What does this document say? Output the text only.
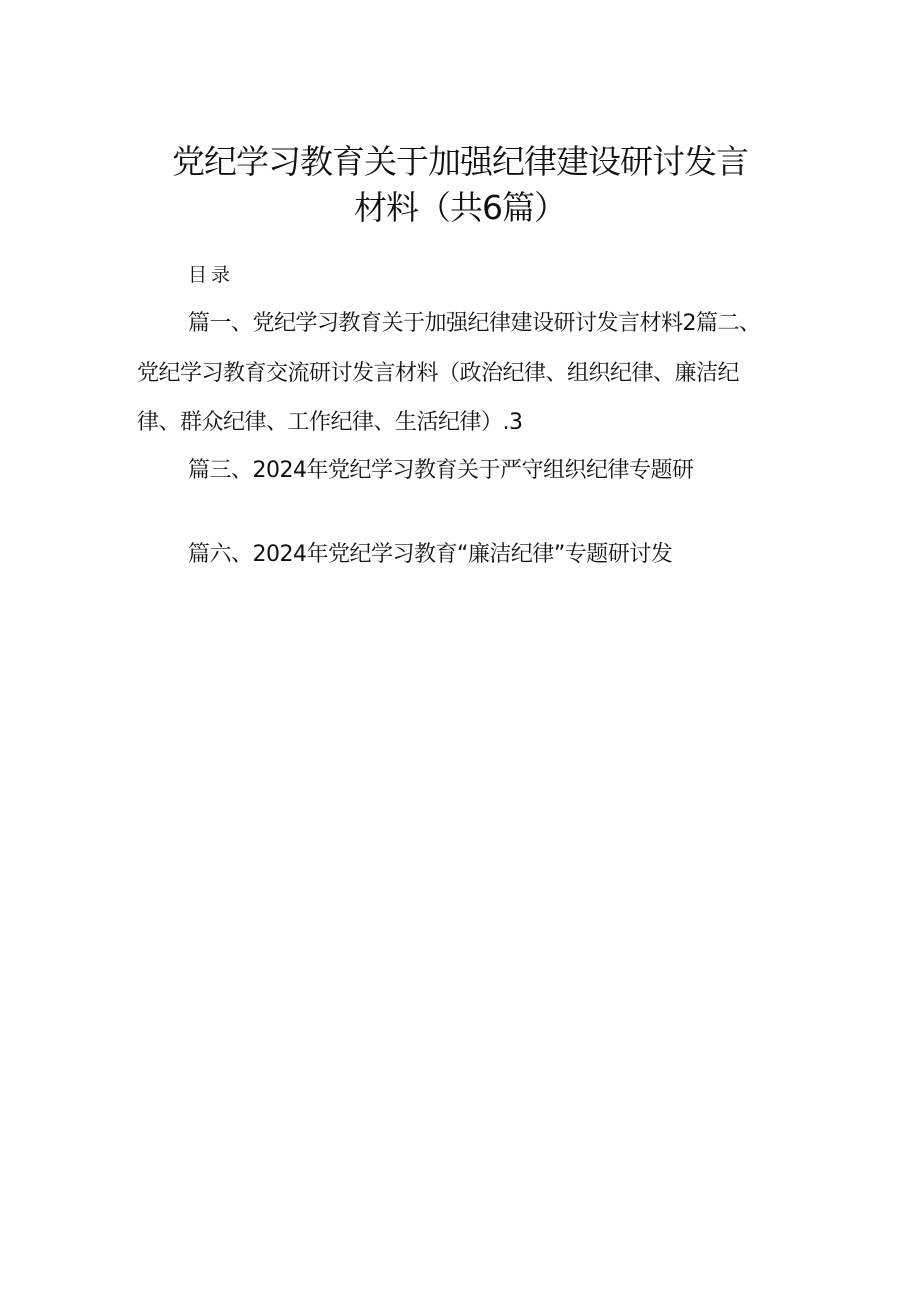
党纪学习教育关于加强纪律建设研讨发言
材料（共6篇）
目录
篇一、党纪学习教育关于加强纪律建设研讨发言材料2篇二、
党纪学习教育交流研讨发言材料（政治纪律、组织纪律、廉洁纪
律、群众纪律、工作纪律、生活纪律）.3
篇三、2024年党纪学习教育关于严守组织纪律专题研
篇六、2024年党纪学习教育“廉洁纪律”专题研讨发
